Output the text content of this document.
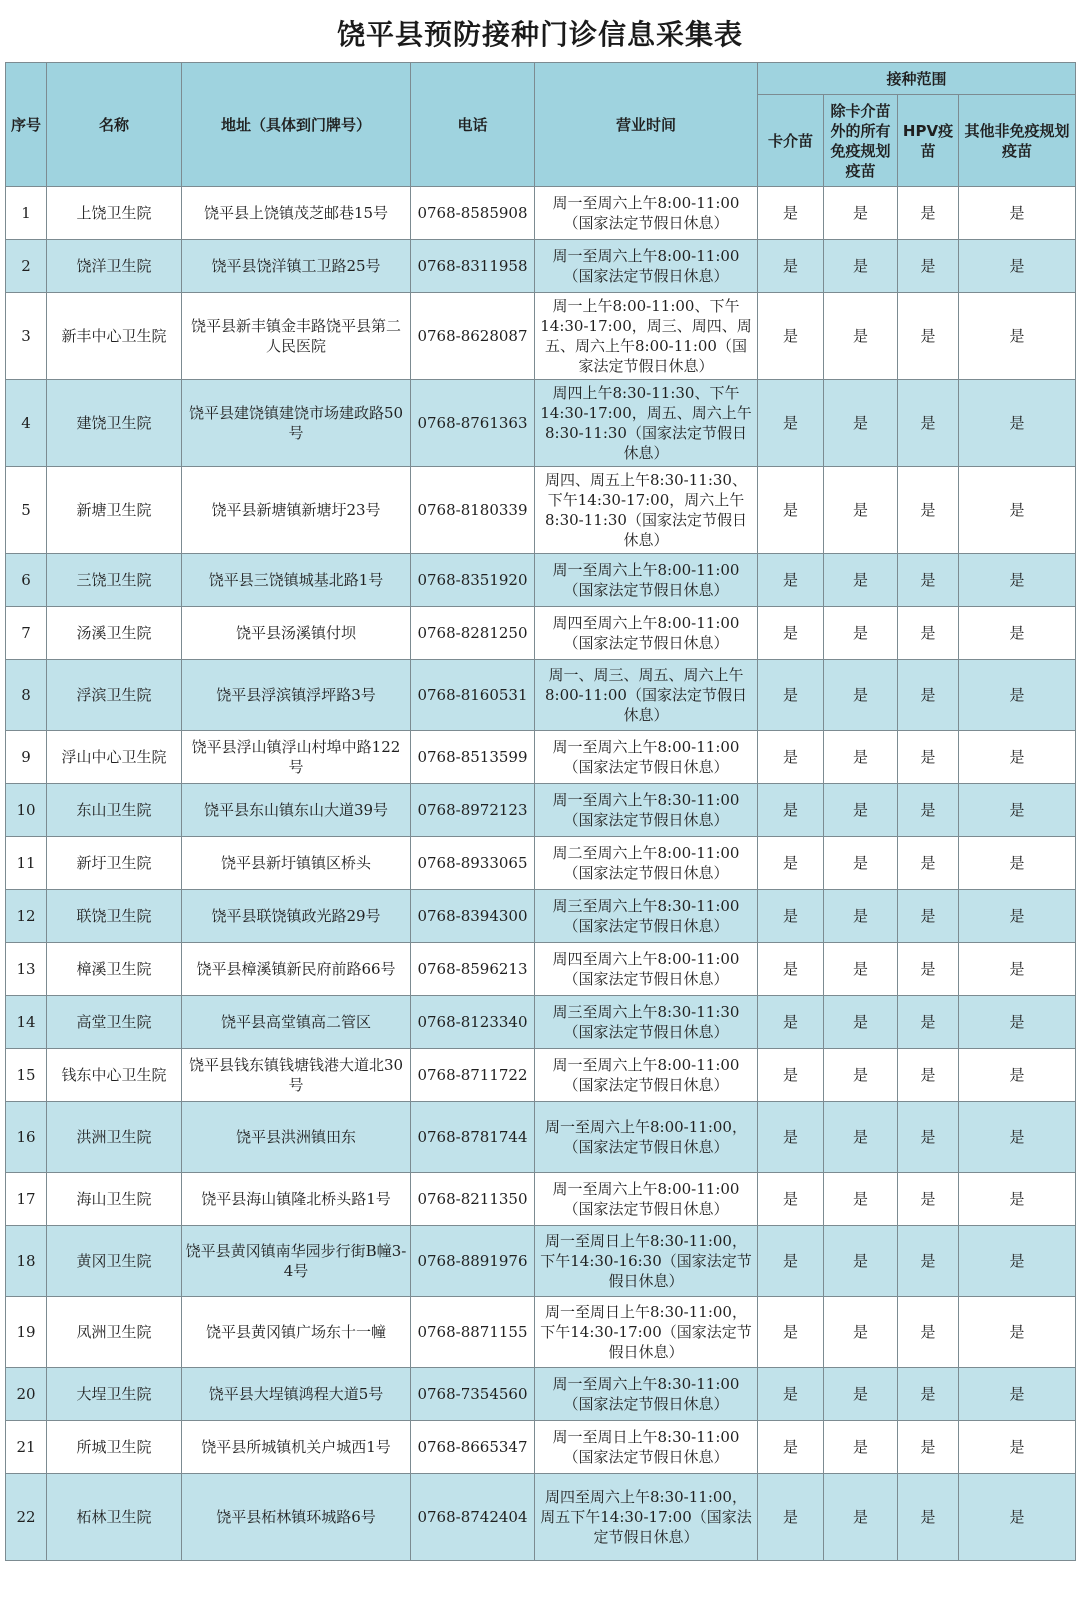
饶平县预防接种门诊信息采集表
序号	名称	地址（具体到门牌号）	电话	营业时间	接种范围			
					卡介苗	除卡介苗外的所有免疫规划疫苗	HPV疫苗	其他非免疫规划疫苗
1	上饶卫生院	饶平县上饶镇茂芝邮巷15号	0768-8585908	周一至周六上午8:00-11:00（国家法定节假日休息）	是	是	是	是
2	饶洋卫生院	饶平县饶洋镇工卫路25号	0768-8311958	周一至周六上午8:00-11:00（国家法定节假日休息）	是	是	是	是
3	新丰中心卫生院	饶平县新丰镇金丰路饶平县第二人民医院	0768-8628087	周一上午8:00-11:00、下午14:30-17:00，周三、周四、周五、周六上午8:00-11:00（国家法定节假日休息）	是	是	是	是
4	建饶卫生院	饶平县建饶镇建饶市场建政路50号	0768-8761363	周四上午8:30-11:30、下午14:30-17:00，周五、周六上午8:30-11:30（国家法定节假日休息）	是	是	是	是
5	新塘卫生院	饶平县新塘镇新塘圩23号	0768-8180339	周四、周五上午8:30-11:30、下午14:30-17:00，周六上午8:30-11:30（国家法定节假日休息）	是	是	是	是
6	三饶卫生院	饶平县三饶镇城基北路1号	0768-8351920	周一至周六上午8:00-11:00（国家法定节假日休息）	是	是	是	是
7	汤溪卫生院	饶平县汤溪镇付坝	0768-8281250	周四至周六上午8:00-11:00（国家法定节假日休息）	是	是	是	是
8	浮滨卫生院	饶平县浮滨镇浮坪路3号	0768-8160531	周一、周三、周五、周六上午8:00-11:00（国家法定节假日休息）	是	是	是	是
9	浮山中心卫生院	饶平县浮山镇浮山村埠中路122号	0768-8513599	周一至周六上午8:00-11:00（国家法定节假日休息）	是	是	是	是
10	东山卫生院	饶平县东山镇东山大道39号	0768-8972123	周一至周六上午8:30-11:00（国家法定节假日休息）	是	是	是	是
11	新圩卫生院	饶平县新圩镇镇区桥头	0768-8933065	周二至周六上午8:00-11:00（国家法定节假日休息）	是	是	是	是
12	联饶卫生院	饶平县联饶镇政光路29号	0768-8394300	周三至周六上午8:30-11:00（国家法定节假日休息）	是	是	是	是
13	樟溪卫生院	饶平县樟溪镇新民府前路66号	0768-8596213	周四至周六上午8:00-11:00（国家法定节假日休息）	是	是	是	是
14	高堂卫生院	饶平县高堂镇高二管区	0768-8123340	周三至周六上午8:30-11:30（国家法定节假日休息）	是	是	是	是
15	钱东中心卫生院	饶平县钱东镇钱塘钱港大道北30号	0768-8711722	周一至周六上午8:00-11:00（国家法定节假日休息）	是	是	是	是
16	洪洲卫生院	饶平县洪洲镇田东	0768-8781744	周一至周六上午8:00-11:00，（国家法定节假日休息）	是	是	是	是
17	海山卫生院	饶平县海山镇隆北桥头路1号	0768-8211350	周一至周六上午8:00-11:00（国家法定节假日休息）	是	是	是	是
18	黄冈卫生院	饶平县黄冈镇南华园步行街B幢3-4号	0768-8891976	周一至周日上午8:30-11:00，下午14:30-16:30（国家法定节假日休息）	是	是	是	是
19	凤洲卫生院	饶平县黄冈镇广场东十一幢	0768-8871155	周一至周日上午8:30-11:00，下午14:30-17:00（国家法定节假日休息）	是	是	是	是
20	大埕卫生院	饶平县大埕镇鸿程大道5号	0768-7354560	周一至周六上午8:30-11:00（国家法定节假日休息）	是	是	是	是
21	所城卫生院	饶平县所城镇机关户城西1号	0768-8665347	周一至周日上午8:30-11:00（国家法定节假日休息）	是	是	是	是
22	柘林卫生院	饶平县柘林镇环城路6号	0768-8742404	周四至周六上午8:30-11:00，周五下午14:30-17:00（国家法定节假日休息）	是	是	是	是
